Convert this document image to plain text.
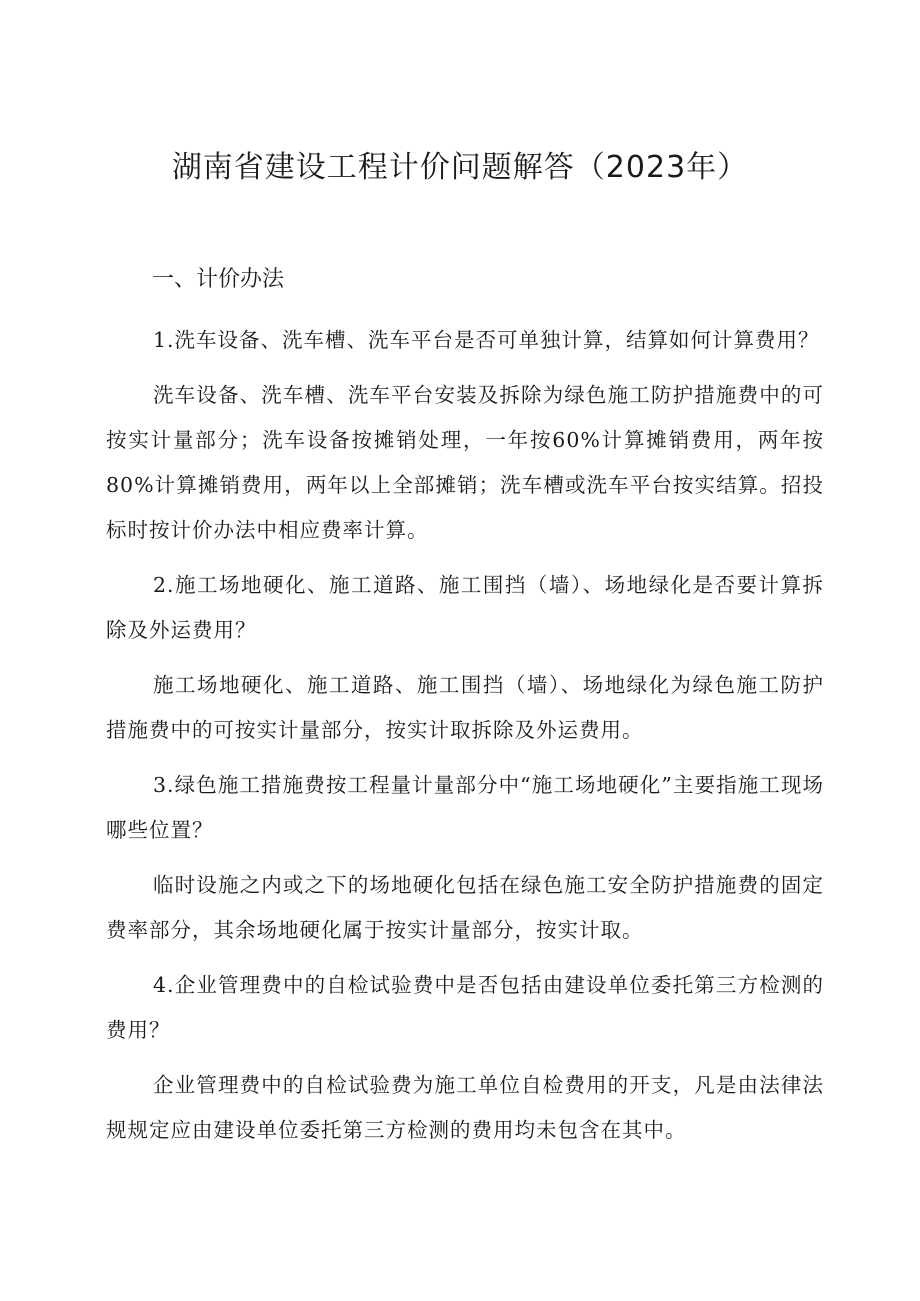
湖南省建设工程计价问题解答（2023年）
一、计价办法

1.洗车设备、洗车槽、洗车平台是否可单独计算，结算如何计算费用？

洗车设备、洗车槽、洗车平台安装及拆除为绿色施工防护措施费中的可按实计量部分；洗车设备按摊销处理，一年按60%计算摊销费用，两年按80%计算摊销费用，两年以上全部摊销；洗车槽或洗车平台按实结算。招投标时按计价办法中相应费率计算。

2.施工场地硬化、施工道路、施工围挡（墙）、场地绿化是否要计算拆除及外运费用？

施工场地硬化、施工道路、施工围挡（墙）、场地绿化为绿色施工防护措施费中的可按实计量部分，按实计取拆除及外运费用。

3.绿色施工措施费按工程量计量部分中“施工场地硬化”主要指施工现场哪些位置？

临时设施之内或之下的场地硬化包括在绿色施工安全防护措施费的固定费率部分，其余场地硬化属于按实计量部分，按实计取。

4.企业管理费中的自检试验费中是否包括由建设单位委托第三方检测的费用？

企业管理费中的自检试验费为施工单位自检费用的开支，凡是由法律法规规定应由建设单位委托第三方检测的费用均未包含在其中。
